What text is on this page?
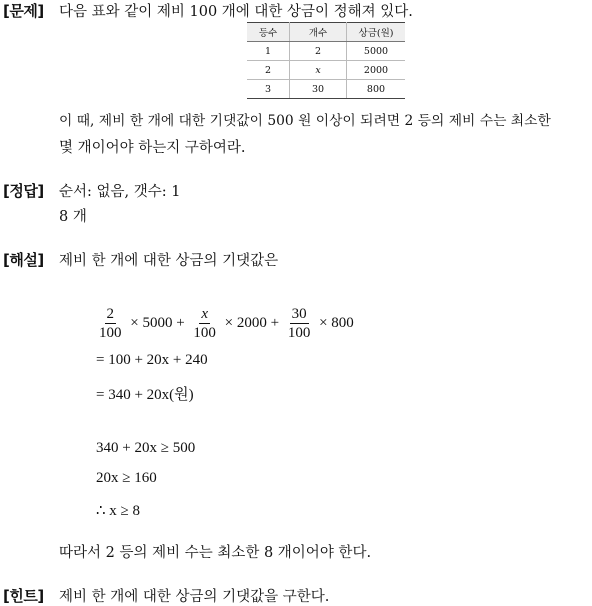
[문제] 다음 표와 같이 제비 100 개에 대한 상금이 정해져 있다.
등수	개수	상금(원)
1	2	5000
2	x	2000
3	30	800
이 때, 제비 한 개에 대한 기댓값이 500 원 이상이 되려면 2 등의 제비 수는 최소한
몇 개이어야 하는지 구하여라.
[정답] 순서: 없음, 갯수: 1
8 개
[해설] 제비 한 개에 대한 상금의 기댓값은
$\frac{2}{100} \times 5000 + \frac{x}{100} \times 2000 + \frac{30}{100} \times 800$
= 100 + 20x + 240
= 340 + 20x(원)
340 + 20x ≥ 500
20x ≥ 160
∴ x ≥ 8
따라서 2 등의 제비 수는 최소한 8 개이어야 한다.
[힌트] 제비 한 개에 대한 상금의 기댓값을 구한다.
